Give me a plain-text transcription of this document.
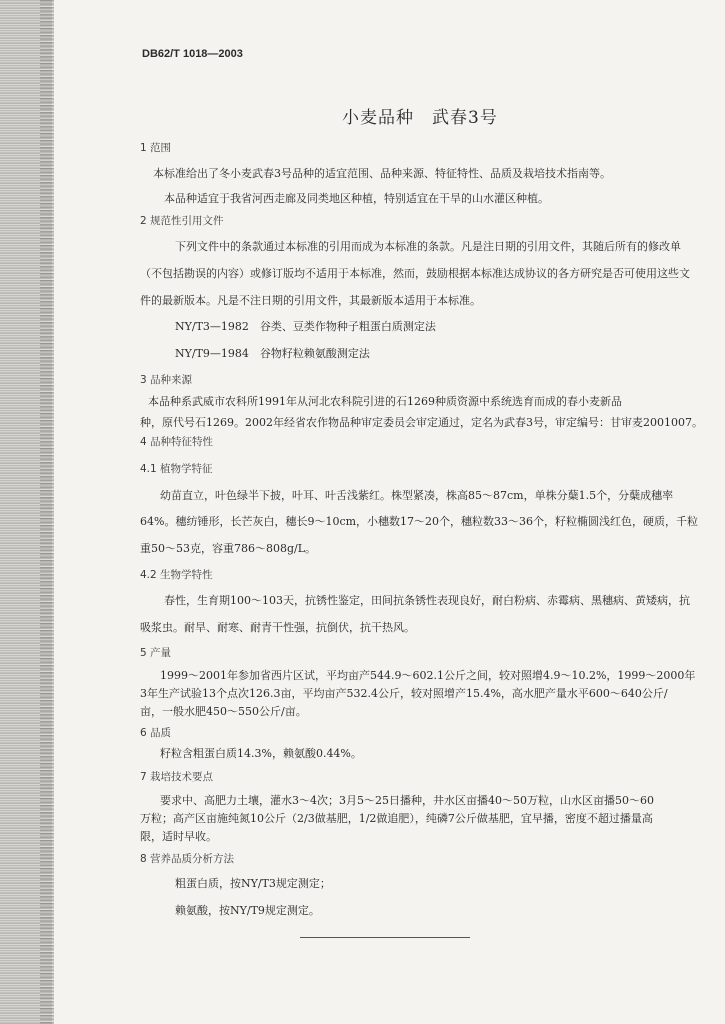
DB62/T 1018—2003

小麦品种　武春3号

1 范围

本标准给出了冬小麦武春3号品种的适宜范围、品种来源、特征特性、品质及栽培技术指南等。

本品种适宜于我省河西走廊及同类地区种植，特别适宜在干旱的山水灌区种植。

2 规范性引用文件

下列文件中的条款通过本标准的引用而成为本标准的条款。凡是注日期的引用文件，其随后所有的修改单

（不包括勘误的内容）或修订版均不适用于本标准，然而，鼓励根据本标准达成协议的各方研究是否可使用这些文

件的最新版本。凡是不注日期的引用文件，其最新版本适用于本标准。

NY/T3—1982　谷类、豆类作物种子粗蛋白质测定法

NY/T9—1984　谷物籽粒赖氨酸测定法

3 品种来源

本品种系武威市农科所1991年从河北农科院引进的石1269种质资源中系统选育而成的春小麦新品

种，原代号石1269。2002年经省农作物品种审定委员会审定通过，定名为武春3号，审定编号：甘审麦2001007。

4 品种特征特性

4.1 植物学特征

幼苗直立，叶色绿半下披，叶耳、叶舌浅紫红。株型紧凑，株高85～87cm，单株分蘖1.5个，分蘖成穗率

64%。穗纺锤形，长芒灰白，穗长9～10cm，小穗数17～20个，穗粒数33～36个，籽粒椭圆浅红色，硬质，千粒

重50～53克，容重786～808g/L。

4.2 生物学特性

春性，生育期100～103天，抗锈性鉴定，田间抗条锈性表现良好，耐白粉病、赤霉病、黑穗病、黄矮病，抗

吸浆虫。耐旱、耐寒、耐青干性强，抗倒伏，抗干热风。

5 产量

1999～2001年参加省西片区试，平均亩产544.9～602.1公斤之间，较对照增4.9～10.2%，1999～2000年

3年生产试验13个点次126.3亩，平均亩产532.4公斤，较对照增产15.4%，高水肥产量水平600～640公斤/

亩，一般水肥450～550公斤/亩。

6 品质

籽粒含粗蛋白质14.3%，赖氨酸0.44%。

7 栽培技术要点

要求中、高肥力土壤，灌水3～4次；3月5～25日播种，井水区亩播40～50万粒，山水区亩播50～60

万粒；高产区亩施纯氮10公斤（2/3做基肥，1/2做追肥），纯磷7公斤做基肥，宜早播，密度不超过播量高

限，适时早收。

8 营养品质分析方法

粗蛋白质，按NY/T3规定测定；

赖氨酸，按NY/T9规定测定。
